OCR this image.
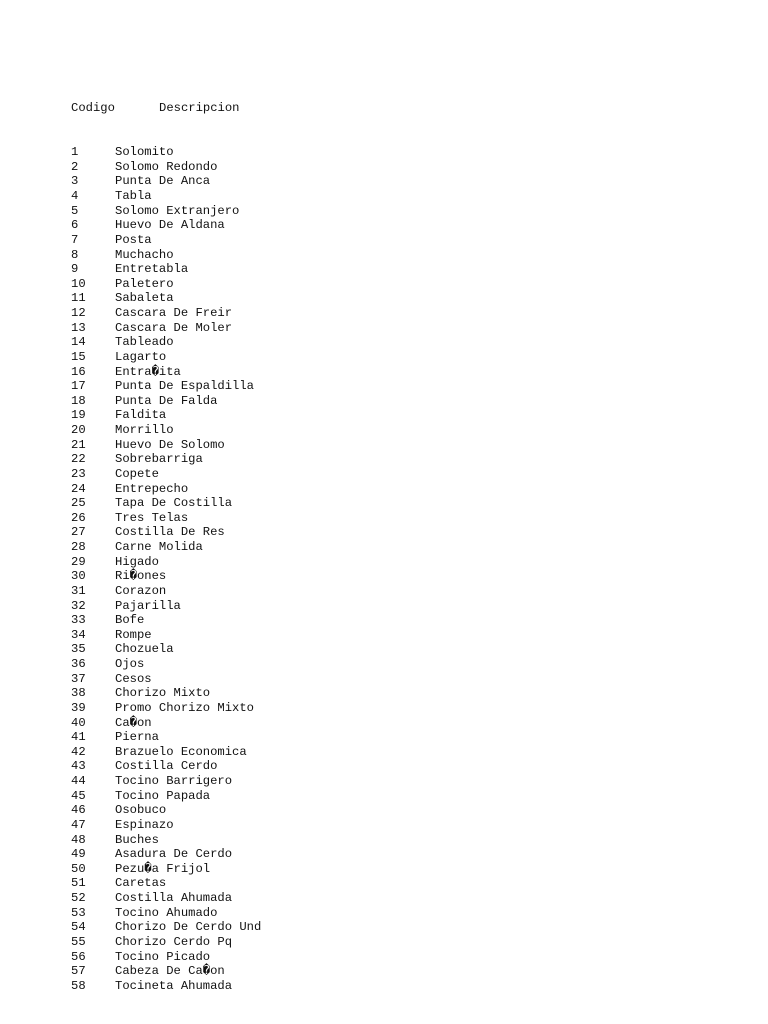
Codigo	Descripcion

1	Solomito
2	Solomo Redondo
3	Punta De Anca
4	Tabla
5	Solomo Extranjero
6	Huevo De Aldana
7	Posta
8	Muchacho
9	Entretabla
10	Paletero
11	Sabaleta
12	Cascara De Freir
13	Cascara De Moler
14	Tableado
15	Lagarto
16	Entra�ita
17	Punta De Espaldilla
18	Punta De Falda
19	Faldita
20	Morrillo
21	Huevo De Solomo
22	Sobrebarriga
23	Copete
24	Entrepecho
25	Tapa De Costilla
26	Tres Telas
27	Costilla De Res
28	Carne Molida
29	Higado
30	Ri�ones
31	Corazon
32	Pajarilla
33	Bofe
34	Rompe
35	Chozuela
36	Ojos
37	Cesos
38	Chorizo Mixto
39	Promo Chorizo Mixto
40	Ca�on
41	Pierna
42	Brazuelo Economica
43	Costilla Cerdo
44	Tocino Barrigero
45	Tocino Papada
46	Osobuco
47	Espinazo
48	Buches
49	Asadura De Cerdo
50	Pezu�a Frijol
51	Caretas
52	Costilla Ahumada
53	Tocino Ahumado
54	Chorizo De Cerdo Und
55	Chorizo Cerdo Pq
56	Tocino Picado
57	Cabeza De Ca�on
58	Tocineta Ahumada
